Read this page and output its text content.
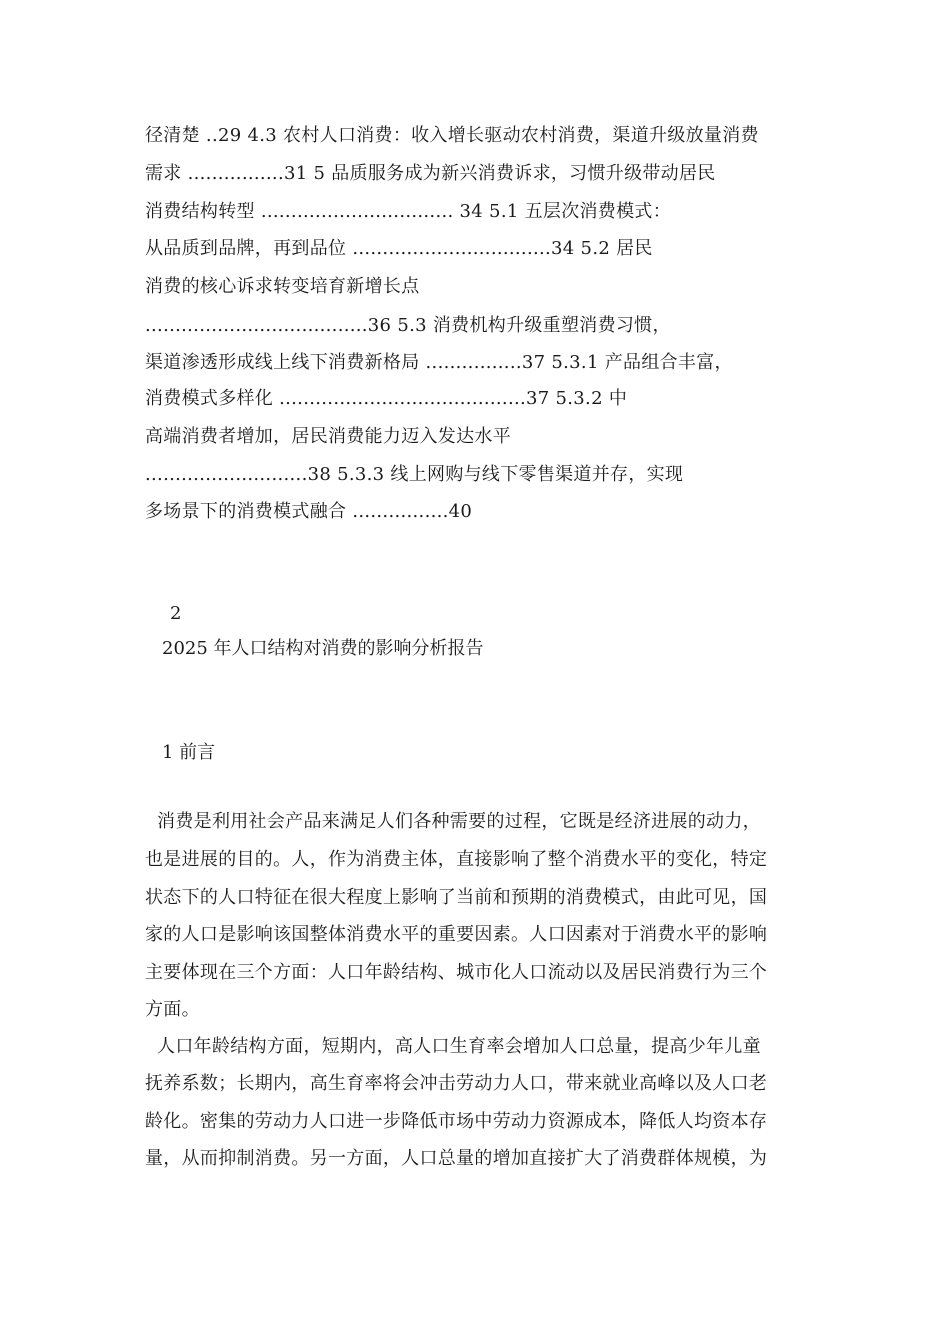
径清楚 ..29 4.3 农村人口消费：收入增长驱动农村消费，渠道升级放量消费
需求 ................31 5 品质服务成为新兴消费诉求，习惯升级带动居民
消费结构转型 ................................ 34 5.1 五层次消费模式：
从品质到品牌，再到品位 .................................34 5.2 居民
消费的核心诉求转变培育新增长点
.....................................36 5.3 消费机构升级重塑消费习惯，
渠道渗透形成线上线下消费新格局 ................37 5.3.1 产品组合丰富，
消费模式多样化 .........................................37 5.3.2 中
高端消费者增加，居民消费能力迈入发达水平
...........................38 5.3.3 线上网购与线下零售渠道并存，实现
多场景下的消费模式融合 ................40
2
2025 年人口结构对消费的影响分析报告
1 前言
消费是利用社会产品来满足人们各种需要的过程，它既是经济进展的动力，
也是进展的目的。人，作为消费主体，直接影响了整个消费水平的变化，特定
状态下的人口特征在很大程度上影响了当前和预期的消费模式，由此可见，国
家的人口是影响该国整体消费水平的重要因素。人口因素对于消费水平的影响
主要体现在三个方面：人口年龄结构、城市化人口流动以及居民消费行为三个
方面。
人口年龄结构方面，短期内，高人口生育率会增加人口总量，提高少年儿童
抚养系数；长期内，高生育率将会冲击劳动力人口，带来就业高峰以及人口老
龄化。密集的劳动力人口进一步降低市场中劳动力资源成本，降低人均资本存
量，从而抑制消费。另一方面，人口总量的增加直接扩大了消费群体规模，为
